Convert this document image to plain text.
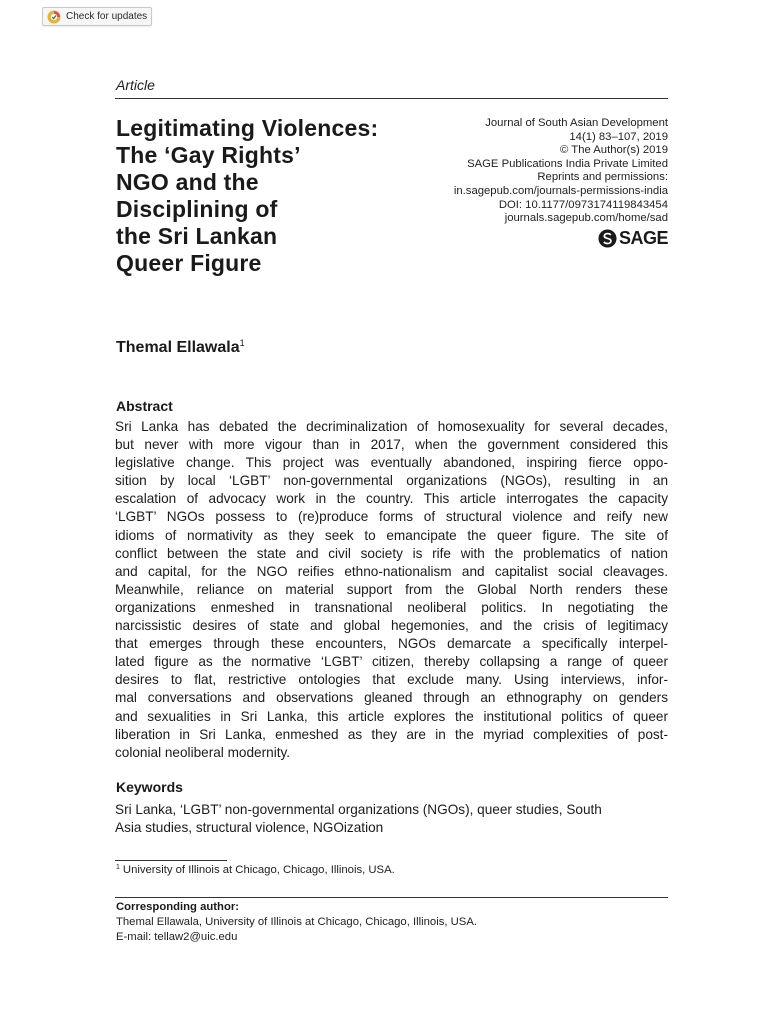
Check for updates
Article
Legitimating Violences:
The ‘Gay Rights’
NGO and the
Disciplining of
the Sri Lankan
Queer Figure
Journal of South Asian Development
14(1) 83–107, 2019
© The Author(s) 2019
SAGE Publications India Private Limited
Reprints and permissions:
in.sagepub.com/journals-permissions-india
DOI: 10.1177/0973174119843454
journals.sagepub.com/home/sad
SAGE
Themal Ellawala$^1$
Abstract
Sri Lanka has debated the decriminalization of homosexuality for several decades,
but never with more vigour than in 2017, when the government considered this
legislative change. This project was eventually abandoned, inspiring fierce oppo-
sition by local ‘LGBT’ non-governmental organizations (NGOs), resulting in an
escalation of advocacy work in the country. This article interrogates the capacity
‘LGBT’ NGOs possess to (re)produce forms of structural violence and reify new
idioms of normativity as they seek to emancipate the queer figure. The site of
conflict between the state and civil society is rife with the problematics of nation
and capital, for the NGO reifies ethno-nationalism and capitalist social cleavages.
Meanwhile, reliance on material support from the Global North renders these
organizations enmeshed in transnational neoliberal politics. In negotiating the
narcissistic desires of state and global hegemonies, and the crisis of legitimacy
that emerges through these encounters, NGOs demarcate a specifically interpel-
lated figure as the normative ‘LGBT’ citizen, thereby collapsing a range of queer
desires to flat, restrictive ontologies that exclude many. Using interviews, infor-
mal conversations and observations gleaned through an ethnography on genders
and sexualities in Sri Lanka, this article explores the institutional politics of queer
liberation in Sri Lanka, enmeshed as they are in the myriad complexities of post-
colonial neoliberal modernity.
Keywords
Sri Lanka, ‘LGBT’ non-governmental organizations (NGOs), queer studies, South
Asia studies, structural violence, NGOization
$^1$ University of Illinois at Chicago, Chicago, Illinois, USA.
Corresponding author:
Themal Ellawala, University of Illinois at Chicago, Chicago, Illinois, USA.
E-mail: tellaw2@uic.edu
